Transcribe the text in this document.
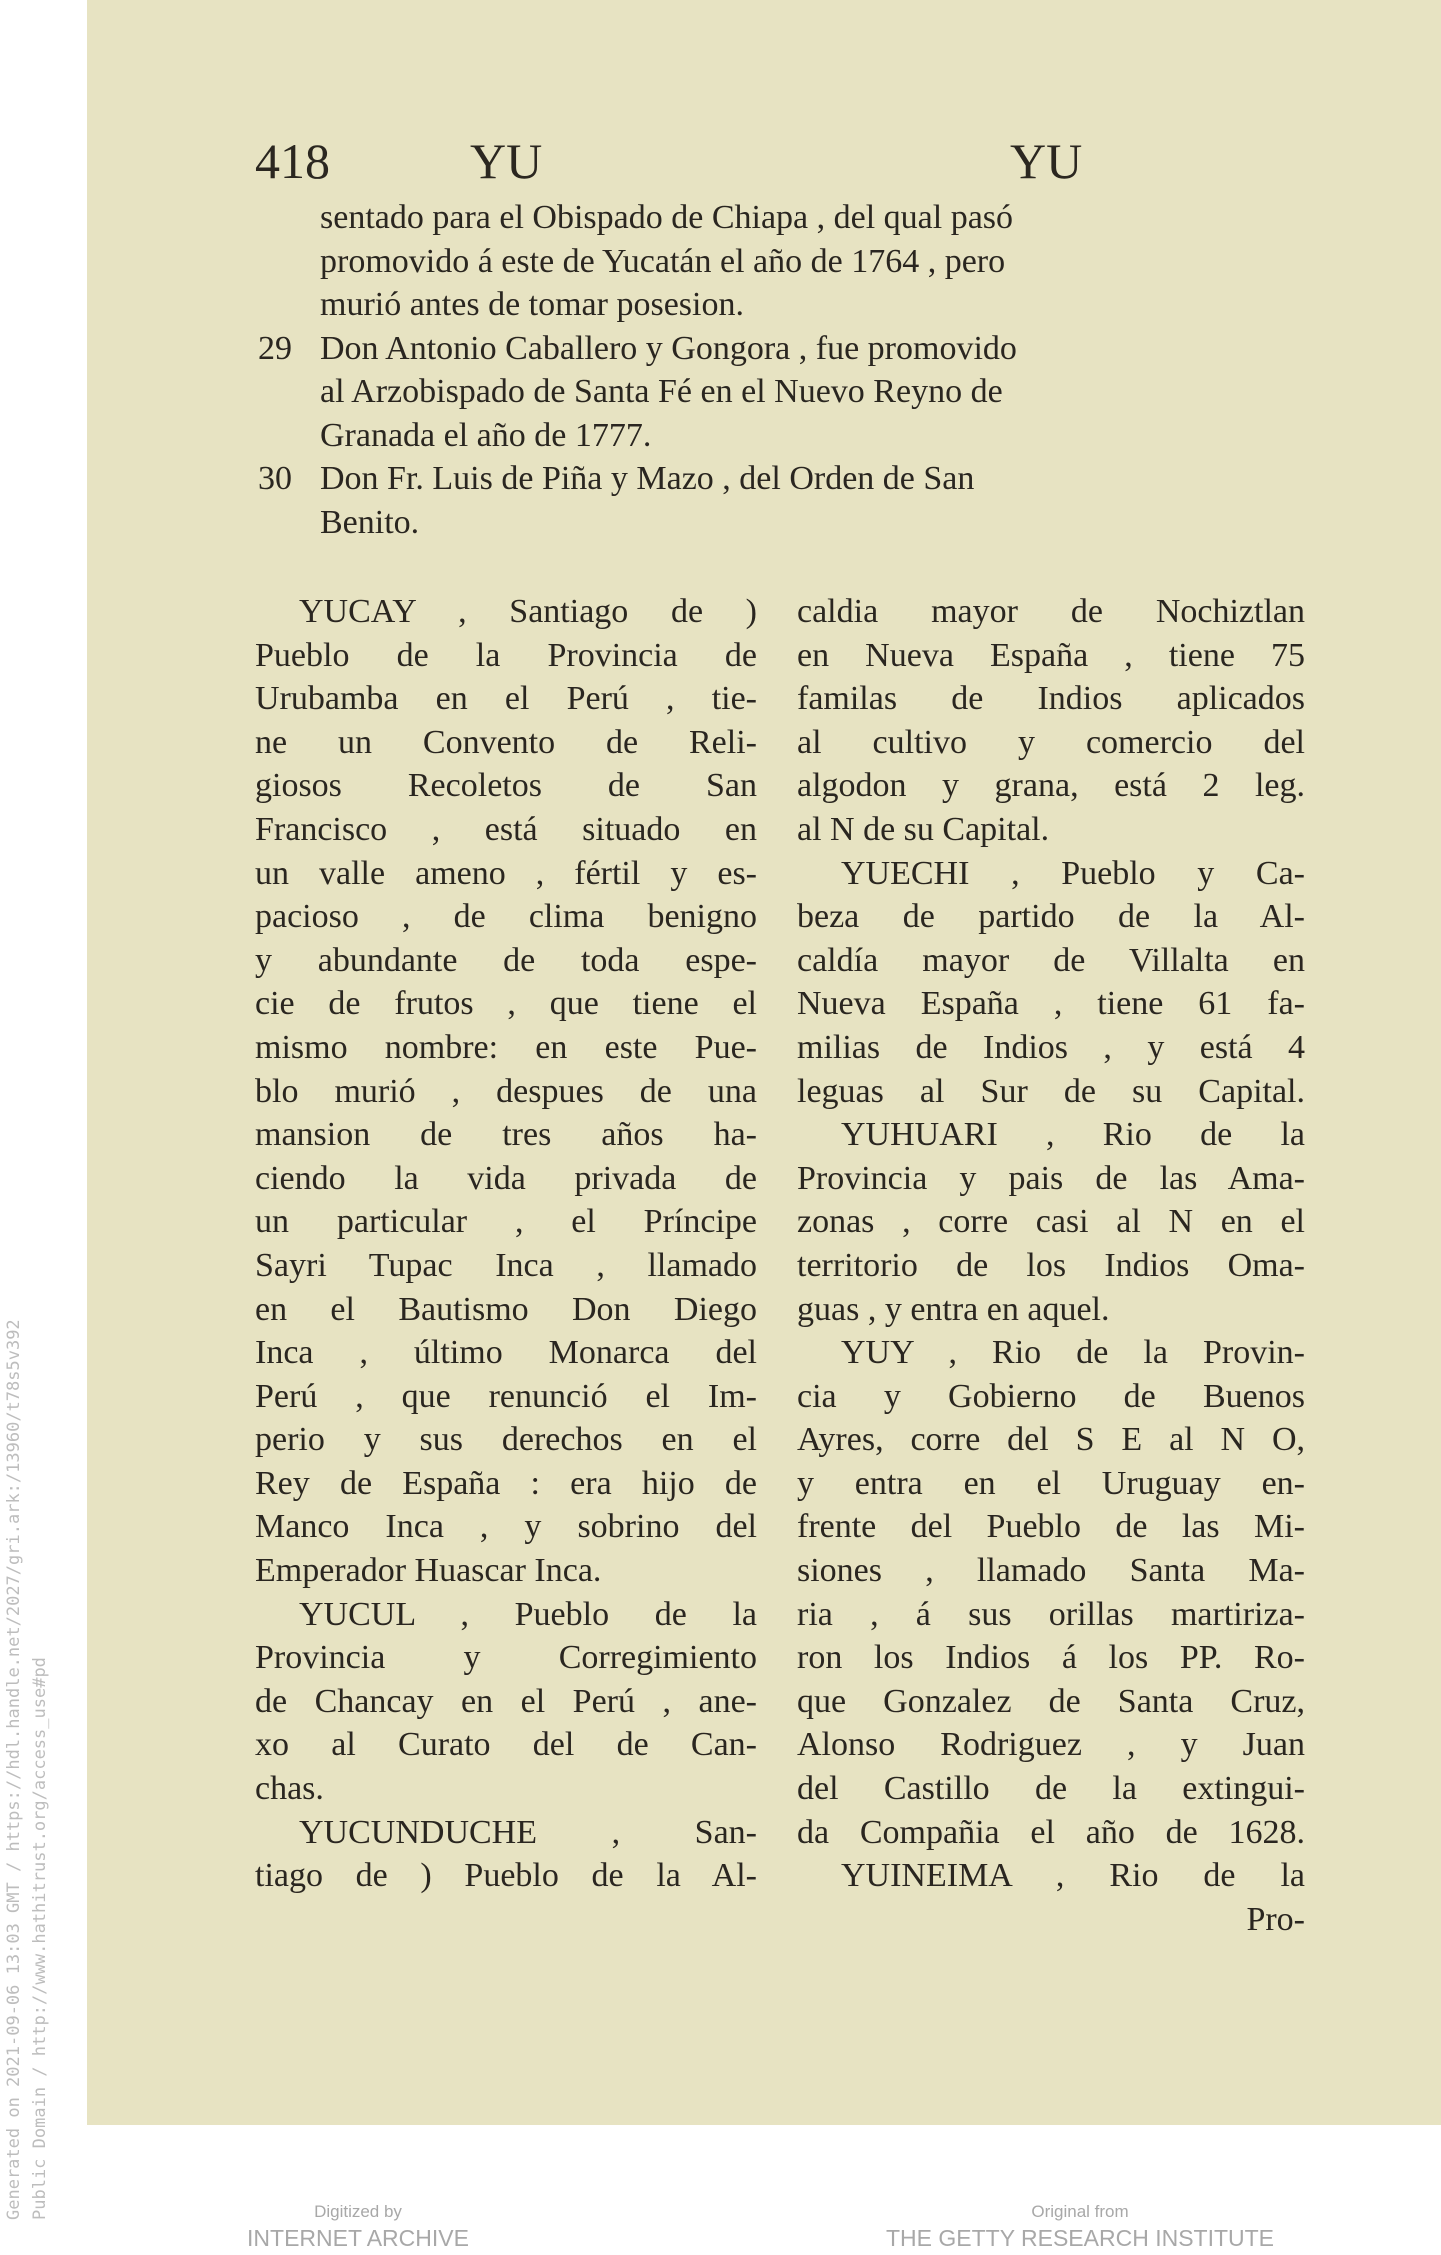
Generated on 2021-09-06 13:03 GMT / https://hdl.handle.net/2027/gri.ark:/13960/t78s5v392 Public Domain / http://www.hathitrust.org/access_use#pd
418	YU	YU
sentado para el Obispado de Chiapa , del qual pasó
promovido á este de Yucatán el año de 1764 , pero
murió antes de tomar posesion.
29 Don Antonio Caballero y Gongora , fue promovido
al Arzobispado de Santa Fé en el Nuevo Reyno de
Granada el año de 1777.
30 Don Fr. Luis de Piña y Mazo , del Orden de San
Benito.
YUCAY , Santiago de )
Pueblo de la Provincia de
Urubamba en el Perú , tie-
ne un Convento de Reli-
giosos Recoletos de San
Francisco , está situado en
un valle ameno , fértil y es-
pacioso , de clima benigno
y abundante de toda espe-
cie de frutos , que tiene el
mismo nombre: en este Pue-
blo murió , despues de una
mansion de tres años ha-
ciendo la vida privada de
un particular , el Príncipe
Sayri Tupac Inca , llamado
en el Bautismo Don Diego
Inca , último Monarca del
Perú , que renunció el Im-
perio y sus derechos en el
Rey de España : era hijo de
Manco Inca , y sobrino del
Emperador Huascar Inca.
YUCUL , Pueblo de la
Provincia y Corregimiento
de Chancay en el Perú , ane-
xo al Curato del de Can-
chas.
YUCUNDUCHE , San-
tiago de ) Pueblo de la Al-
caldia mayor de Nochiztlan
en Nueva España , tiene 75
familas de Indios aplicados
al cultivo y comercio del
algodon y grana, está 2 leg.
al N de su Capital.
YUECHI , Pueblo y Ca-
beza de partido de la Al-
caldía mayor de Villalta en
Nueva España , tiene 61 fa-
milias de Indios , y está 4
leguas al Sur de su Capital.
YUHUARI , Rio de la
Provincia y pais de las Ama-
zonas , corre casi al N en el
territorio de los Indios Oma-
guas , y entra en aquel.
YUY , Rio de la Provin-
cia y Gobierno de Buenos
Ayres, corre del S E al N O,
y entra en el Uruguay en-
frente del Pueblo de las Mi-
siones , llamado Santa Ma-
ria , á sus orillas martiriza-
ron los Indios á los PP. Ro-
que Gonzalez de Santa Cruz,
Alonso Rodriguez , y Juan
del Castillo de la extingui-
da Compañia el año de 1628.
YUINEIMA , Rio de la
Pro-
Digitized by
INTERNET ARCHIVE
Original from
THE GETTY RESEARCH INSTITUTE
